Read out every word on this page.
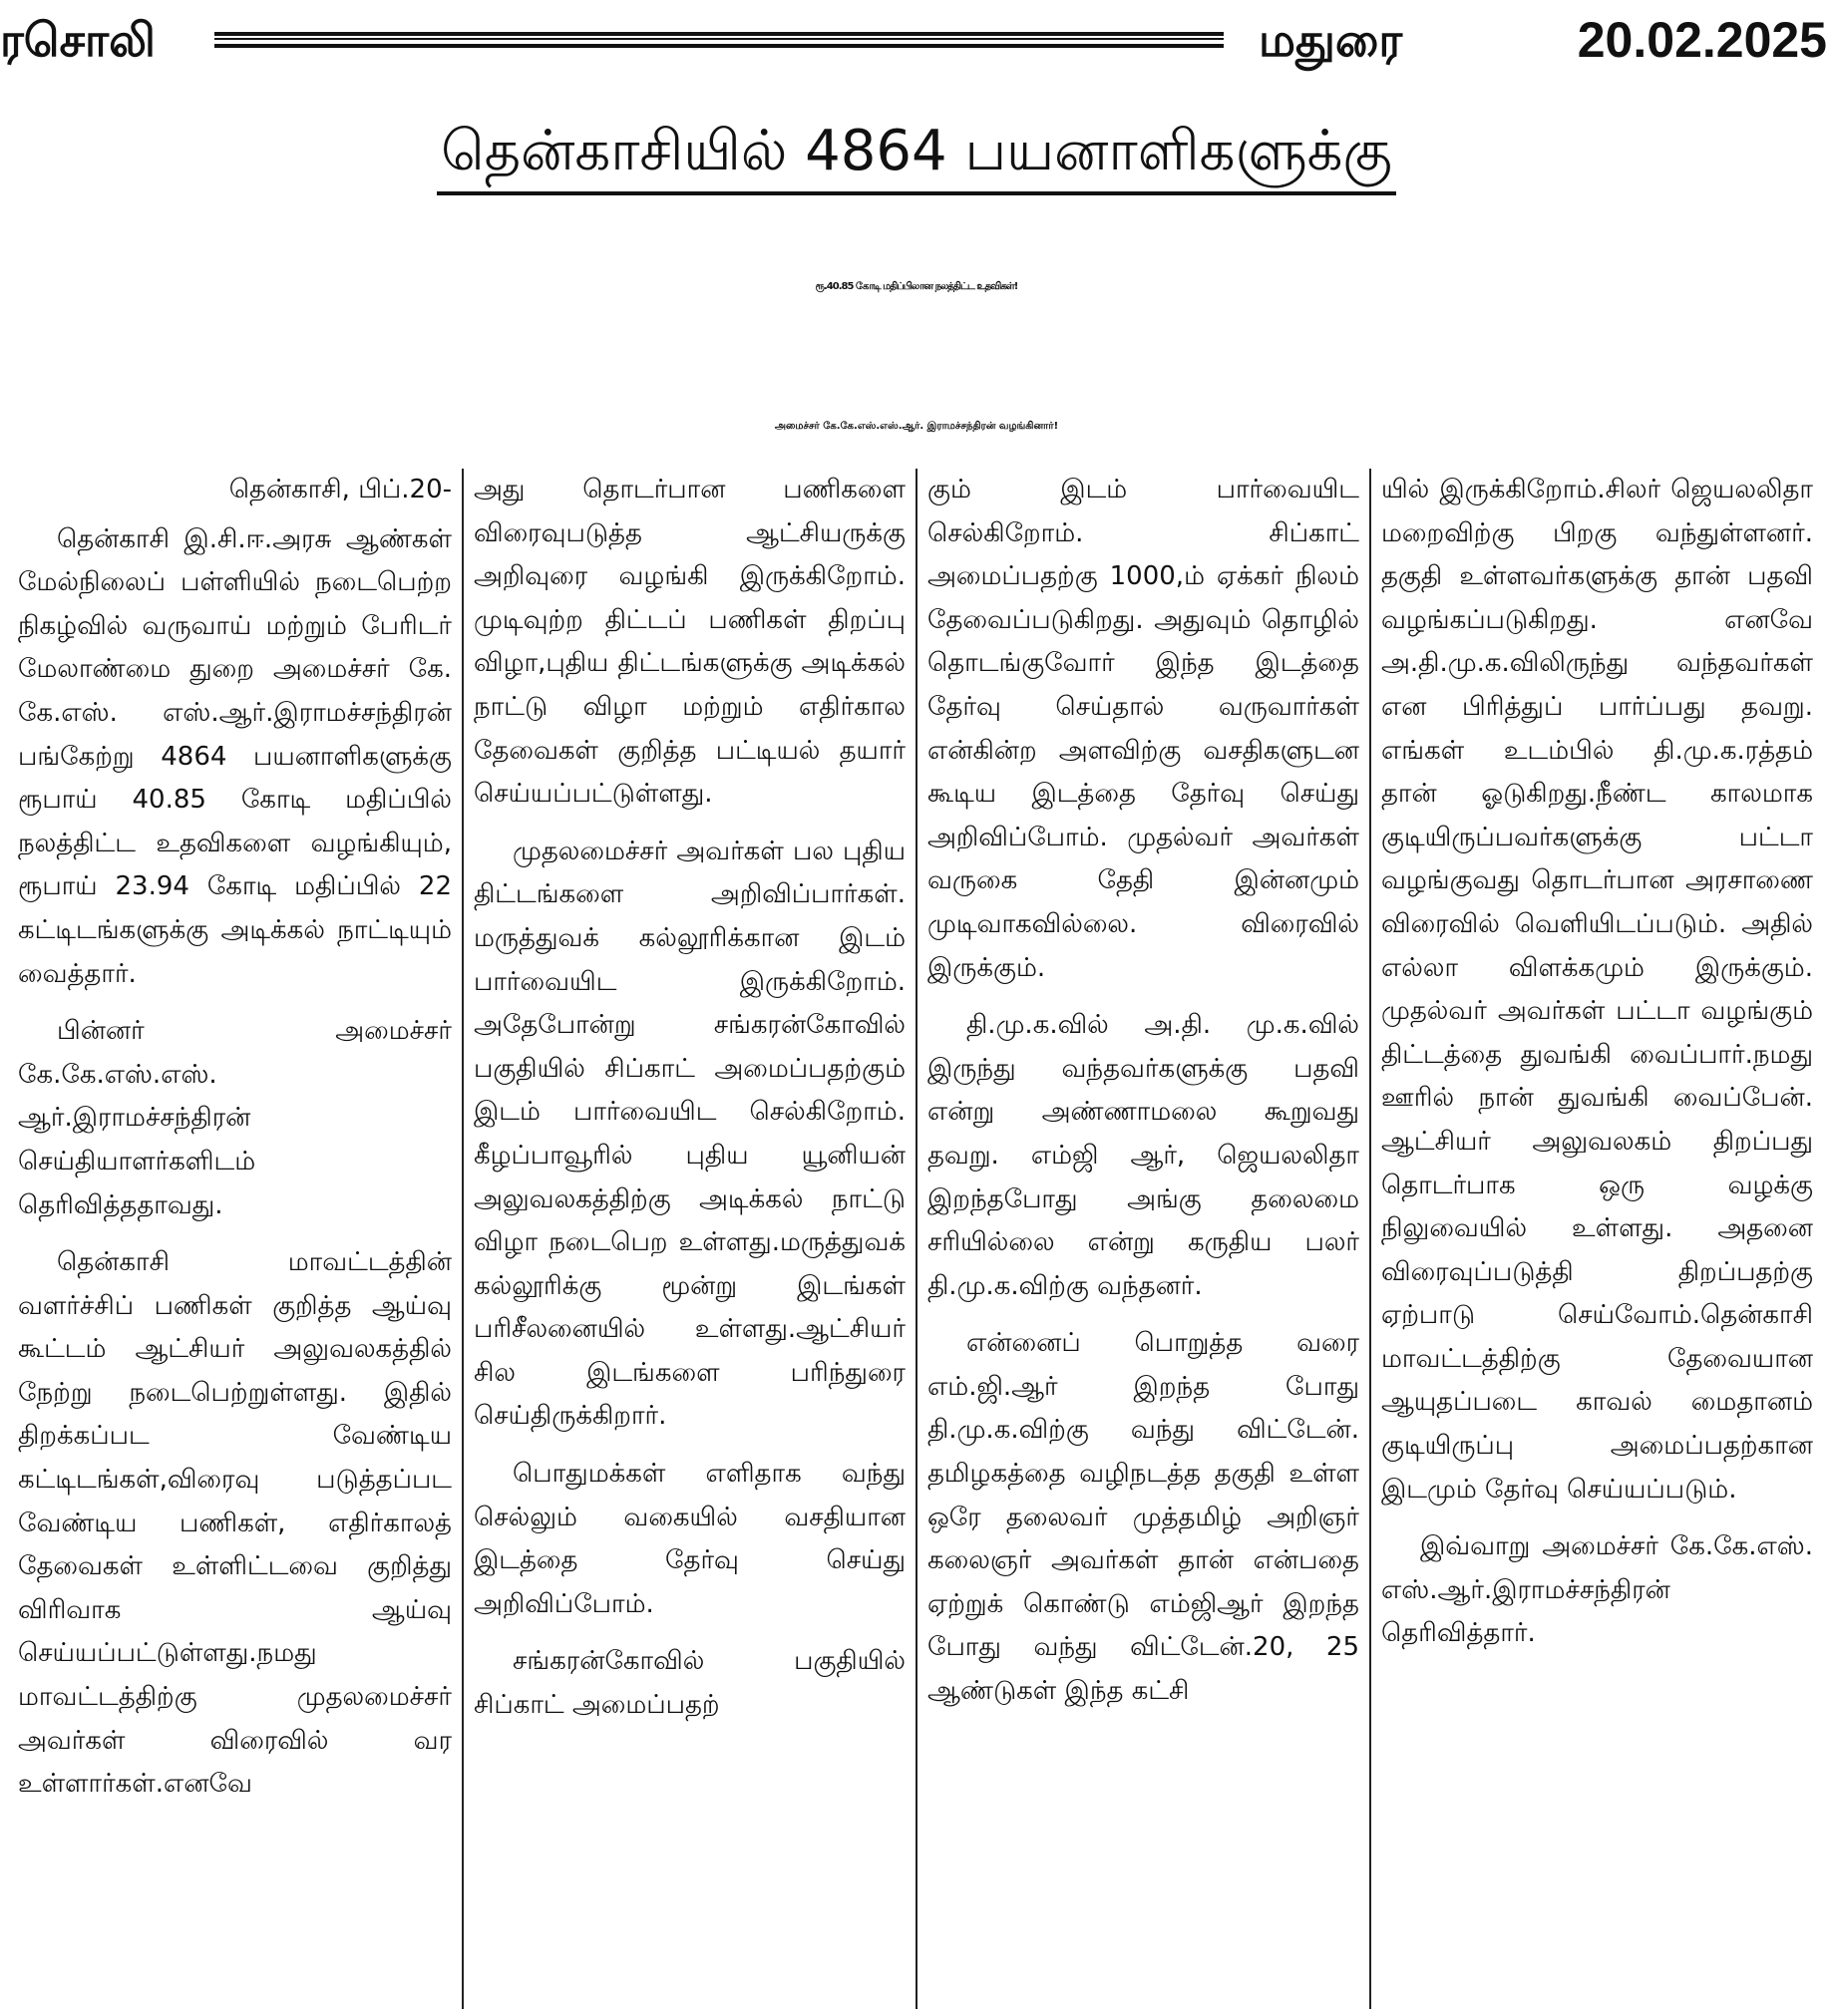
ரசொலி	மதுரை	20.02.2025
தென்காசியில் 4864 பயனாளிகளுக்கு
ரூ.40.85 கோடி மதிப்பிலான நலத்திட்ட உதவிகள்!
அமைச்சர் கே.கே.எஸ்.எஸ்.ஆர். இராமச்சந்திரன் வழங்கினார்!

தென்காசி, பிப்.20-

தென்காசி இ.சி.ஈ.அரசு ஆண்கள் மேல்நிலைப் பள்ளியில் நடைபெற்ற நிகழ்வில் வருவாய் மற்றும் பேரிடர் மேலாண்மை துறை அமைச்சர் கே. கே.எஸ். எஸ்.ஆர்.இராமச்சந்திரன் பங்கேற்று 4864 பயனாளிகளுக்கு ரூபாய் 40.85 கோடி மதிப்பில் நலத்திட்ட உதவிகளை வழங்கியும், ரூபாய் 23.94 கோடி மதிப்பில் 22 கட்டிடங்களுக்கு அடிக்கல் நாட்டியும் வைத்தார்.

பின்னர் அமைச்சர் கே.கே.எஸ்.எஸ். ஆர்.இராமச்சந்திரன் செய்தியாளர்களிடம் தெரிவித்ததாவது.

தென்காசி மாவட்டத்தின் வளர்ச்சிப் பணிகள் குறித்த ஆய்வு கூட்டம் ஆட்சியர் அலுவலகத்தில் நேற்று நடைபெற்றுள்ளது. இதில் திறக்கப்பட வேண்டிய கட்டிடங்கள்,விரைவு படுத்தப்பட வேண்டிய பணிகள், எதிர்காலத் தேவைகள் உள்ளிட்டவை குறித்து விரிவாக ஆய்வு செய்யப்பட்டுள்ளது.நமது மாவட்டத்திற்கு முதலமைச்சர் அவர்கள் விரைவில் வர உள்ளார்கள்.எனவே

அது தொடர்பான பணிகளை விரைவுபடுத்த ஆட்சியருக்கு அறிவுரை வழங்கி இருக்கிறோம். முடிவுற்ற திட்டப் பணிகள் திறப்பு விழா,புதிய திட்டங்களுக்கு அடிக்கல் நாட்டு விழா மற்றும் எதிர்கால தேவைகள் குறித்த பட்டியல் தயார் செய்யப்பட்டுள்ளது.

முதலமைச்சர் அவர்கள் பல புதிய திட்டங்களை அறிவிப்பார்கள். மருத்துவக் கல்லூரிக்கான இடம் பார்வையிட இருக்கிறோம். அதேபோன்று சங்கரன்கோவில் பகுதியில் சிப்காட் அமைப்பதற்கும் இடம் பார்வையிட செல்கிறோம். கீழப்பாவூரில் புதிய யூனியன் அலுவலகத்திற்கு அடிக்கல் நாட்டு விழா நடைபெற உள்ளது.மருத்துவக் கல்லூரிக்கு மூன்று இடங்கள் பரிசீலனையில் உள்ளது.ஆட்சியர் சில இடங்களை பரிந்துரை செய்திருக்கிறார்.

பொதுமக்கள் எளிதாக வந்து செல்லும் வகையில் வசதியான இடத்தை தேர்வு செய்து அறிவிப்போம்.

சங்கரன்கோவில் பகுதியில் சிப்காட் அமைப்பதற்

கும் இடம் பார்வையிட செல்கிறோம். சிப்காட் அமைப்பதற்கு 1000,ம் ஏக்கர் நிலம் தேவைப்படுகிறது. அதுவும் தொழில் தொடங்குவோர் இந்த இடத்தை தேர்வு செய்தால் வருவார்கள் என்கின்ற அளவிற்கு வசதிகளுடன கூடிய இடத்தை தேர்வு செய்து அறிவிப்போம். முதல்வர் அவர்கள் வருகை தேதி இன்னமும் முடிவாகவில்லை. விரைவில் இருக்கும்.

தி.மு.க.வில் அ.தி. மு.க.வில் இருந்து வந்தவர்களுக்கு பதவி என்று அண்ணாமலை கூறுவது தவறு. எம்ஜி ஆர், ஜெயலலிதா இறந்தபோது அங்கு தலைமை சரியில்லை என்று கருதிய பலர் தி.மு.க.விற்கு வந்தனர்.

என்னைப் பொறுத்த வரை எம்.ஜி.ஆர் இறந்த போது தி.மு.க.விற்கு வந்து விட்டேன். தமிழகத்தை வழிநடத்த தகுதி உள்ள ஒரே தலைவர் முத்தமிழ் அறிஞர் கலைஞர் அவர்கள் தான் என்பதை ஏற்றுக் கொண்டு எம்ஜிஆர் இறந்த போது வந்து விட்டேன்.20, 25 ஆண்டுகள் இந்த கட்சி

யில் இருக்கிறோம்.சிலர் ஜெயலலிதா மறைவிற்கு பிறகு வந்துள்ளனர். தகுதி உள்ளவர்களுக்கு தான் பதவி வழங்கப்படுகிறது. எனவே அ.தி.மு.க.விலிருந்து வந்தவர்கள் என பிரித்துப் பார்ப்பது தவறு. எங்கள் உடம்பில் தி.மு.க.ரத்தம் தான் ஓடுகிறது.நீண்ட காலமாக குடியிருப்பவர்களுக்கு பட்டா வழங்குவது தொடர்பான அரசாணை விரைவில் வெளியிடப்படும். அதில் எல்லா விளக்கமும் இருக்கும். முதல்வர் அவர்கள் பட்டா வழங்கும் திட்டத்தை துவங்கி வைப்பார்.நமது ஊரில் நான் துவங்கி வைப்பேன். ஆட்சியர் அலுவலகம் திறப்பது தொடர்பாக ஒரு வழக்கு நிலுவையில் உள்ளது. அதனை விரைவுப்படுத்தி திறப்பதற்கு ஏற்பாடு செய்வோம்.தென்காசி மாவட்டத்திற்கு தேவையான ஆயுதப்படை காவல் மைதானம் குடியிருப்பு அமைப்பதற்கான இடமும் தேர்வு செய்யப்படும்.

இவ்வாறு அமைச்சர் கே.கே.எஸ். எஸ்.ஆர்.இராமச்சந்திரன் தெரிவித்தார்.
